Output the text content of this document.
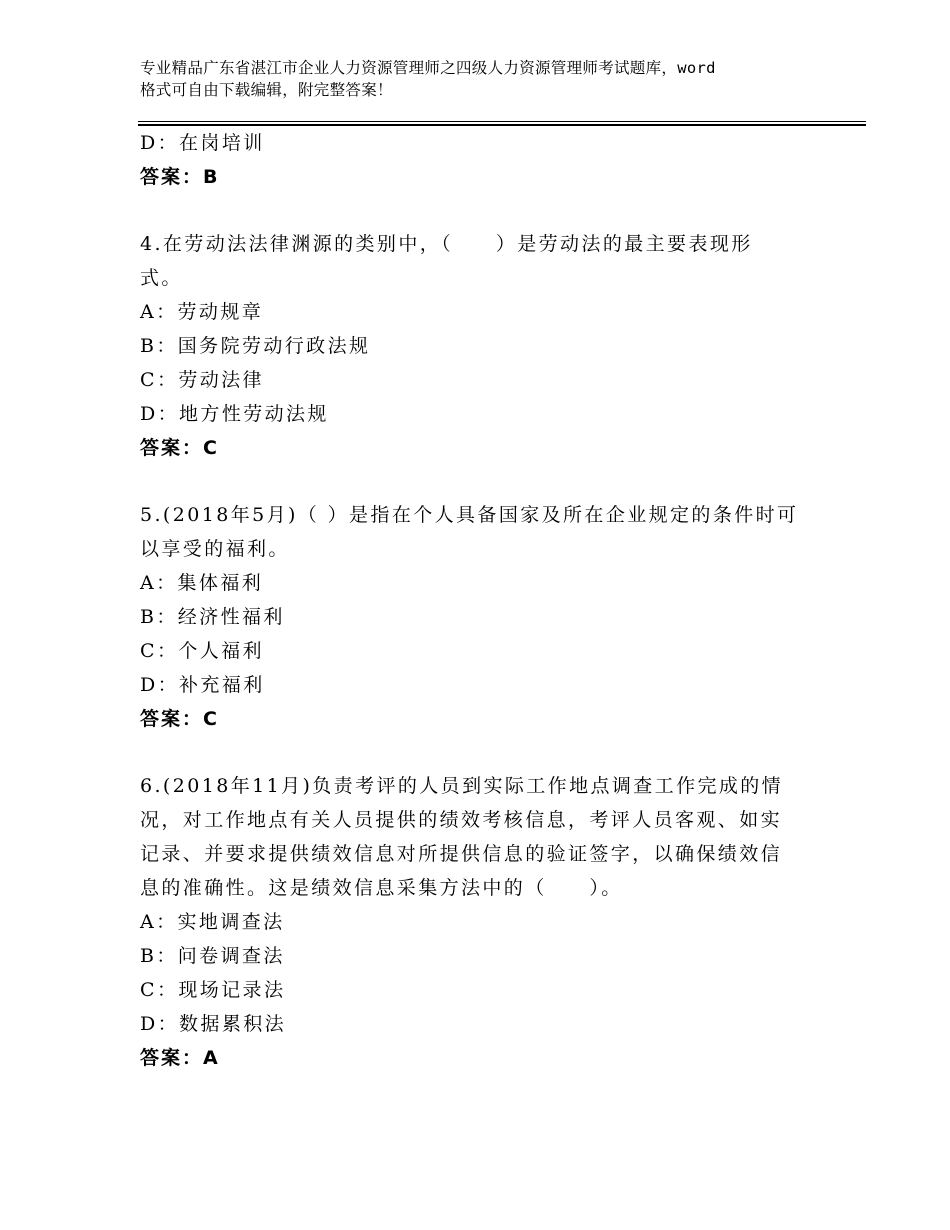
专业精品广东省湛江市企业人力资源管理师之四级人力资源管理师考试题库，word
格式可自由下载编辑，附完整答案！
D：在岗培训
答案：B
4.在劳动法法律渊源的类别中，（　　）是劳动法的最主要表现形
式。
A：劳动规章
B：国务院劳动行政法规
C：劳动法律
D：地方性劳动法规
答案：C
5.(2018年5月)（ ）是指在个人具备国家及所在企业规定的条件时可
以享受的福利。
A：集体福利
B：经济性福利
C：个人福利
D：补充福利
答案：C
6.(2018年11月)负责考评的人员到实际工作地点调查工作完成的情
况，对工作地点有关人员提供的绩效考核信息，考评人员客观、如实
记录、并要求提供绩效信息对所提供信息的验证签字，以确保绩效信
息的准确性。这是绩效信息采集方法中的（　　）。
A：实地调查法
B：问卷调查法
C：现场记录法
D：数据累积法
答案：A
